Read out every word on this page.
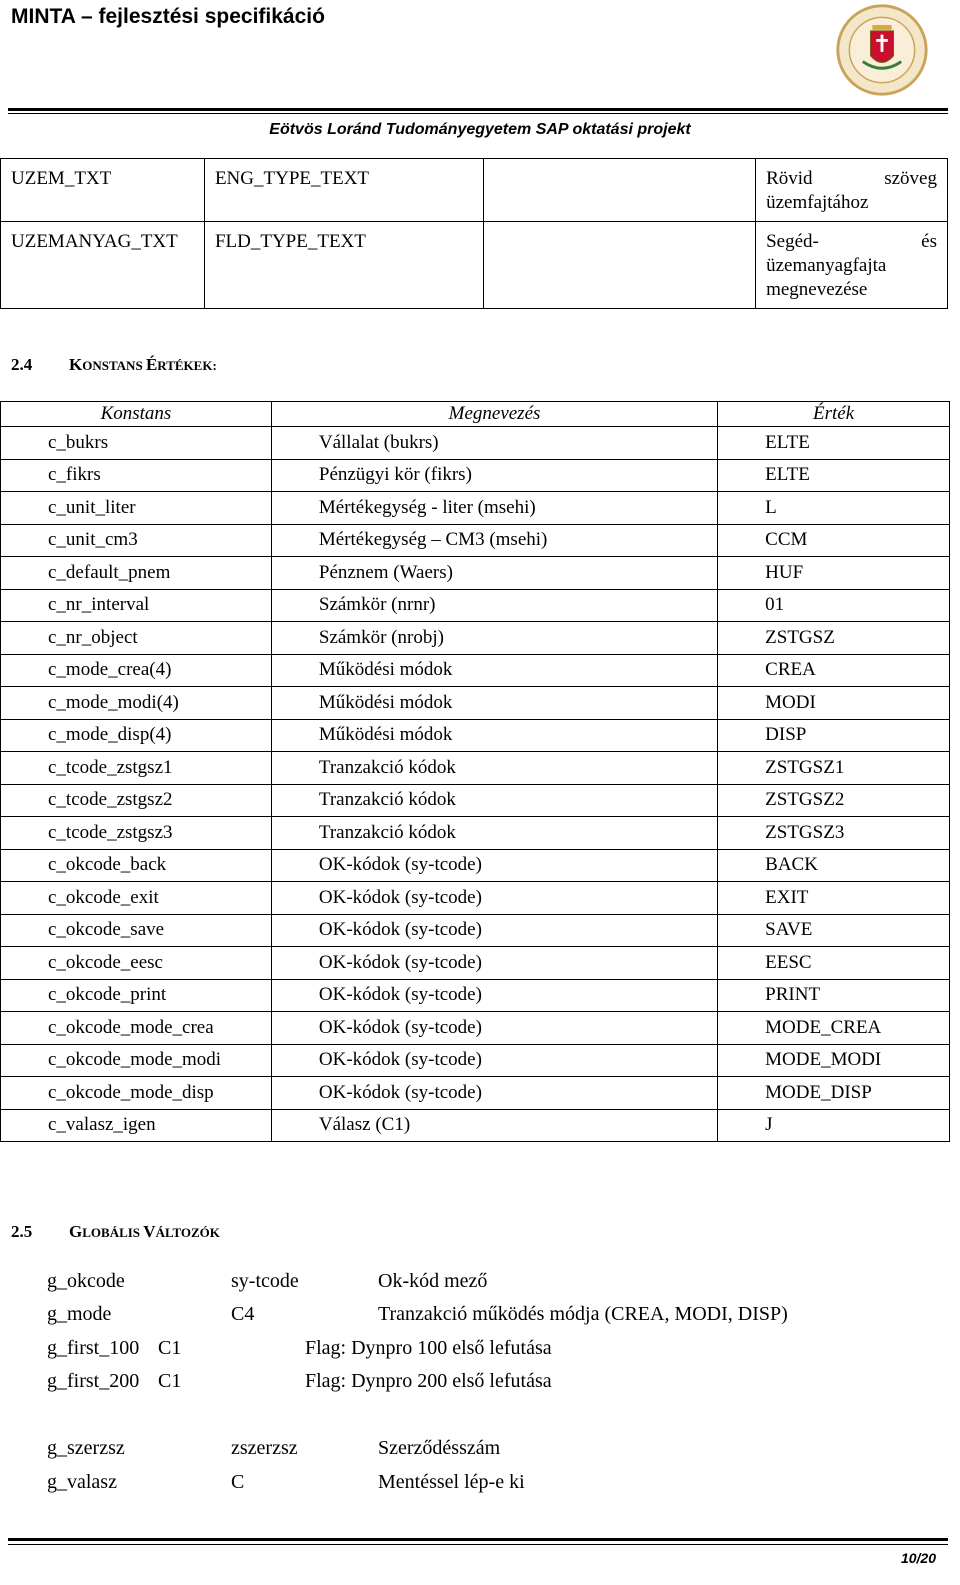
MINTA – fejlesztési specifikáció
Eötvös Loránd Tudományegyetem SAP oktatási projekt
UZEM_TXT	ENG_TYPE_TEXT		Rövid szöveg
üzemfajtához
UZEMANYAG_TXT	FLD_TYPE_TEXT		Segéd- és
üzemanyagfajta megnevezése
2.4 KONSTANS ÉRTÉKEK:
Konstans	Megnevezés	Érték
c_bukrs	Vállalat (bukrs)	ELTE
c_fikrs	Pénzügyi kör (fikrs)	ELTE
c_unit_liter	Mértékegység - liter (msehi)	L
c_unit_cm3	Mértékegység – CM3 (msehi)	CCM
c_default_pnem	Pénznem (Waers)	HUF
c_nr_interval	Számkör (nrnr)	01
c_nr_object	Számkör (nrobj)	ZSTGSZ
c_mode_crea(4)	Működési módok	CREA
c_mode_modi(4)	Működési módok	MODI
c_mode_disp(4)	Működési módok	DISP
c_tcode_zstgsz1	Tranzakció kódok	ZSTGSZ1
c_tcode_zstgsz2	Tranzakció kódok	ZSTGSZ2
c_tcode_zstgsz3	Tranzakció kódok	ZSTGSZ3
c_okcode_back	OK-kódok (sy-tcode)	BACK
c_okcode_exit	OK-kódok (sy-tcode)	EXIT
c_okcode_save	OK-kódok (sy-tcode)	SAVE
c_okcode_eesc	OK-kódok (sy-tcode)	EESC
c_okcode_print	OK-kódok (sy-tcode)	PRINT
c_okcode_mode_crea	OK-kódok (sy-tcode)	MODE_CREA
c_okcode_mode_modi	OK-kódok (sy-tcode)	MODE_MODI
c_okcode_mode_disp	OK-kódok (sy-tcode)	MODE_DISP
c_valasz_igen	Válasz (C1)	J
2.5 GLOBÁLIS VÁLTOZÓK
g_okcode	sy-tcode	Ok-kód mező
g_mode	C4	Tranzakció működés módja (CREA, MODI, DISP)
g_first_100 C1	Flag: Dynpro 100 első lefutása
g_first_200 C1	Flag: Dynpro 200 első lefutása
g_szerzsz	zszerzsz	Szerződésszám
g_valasz	C	Mentéssel lép-e ki
10/20
